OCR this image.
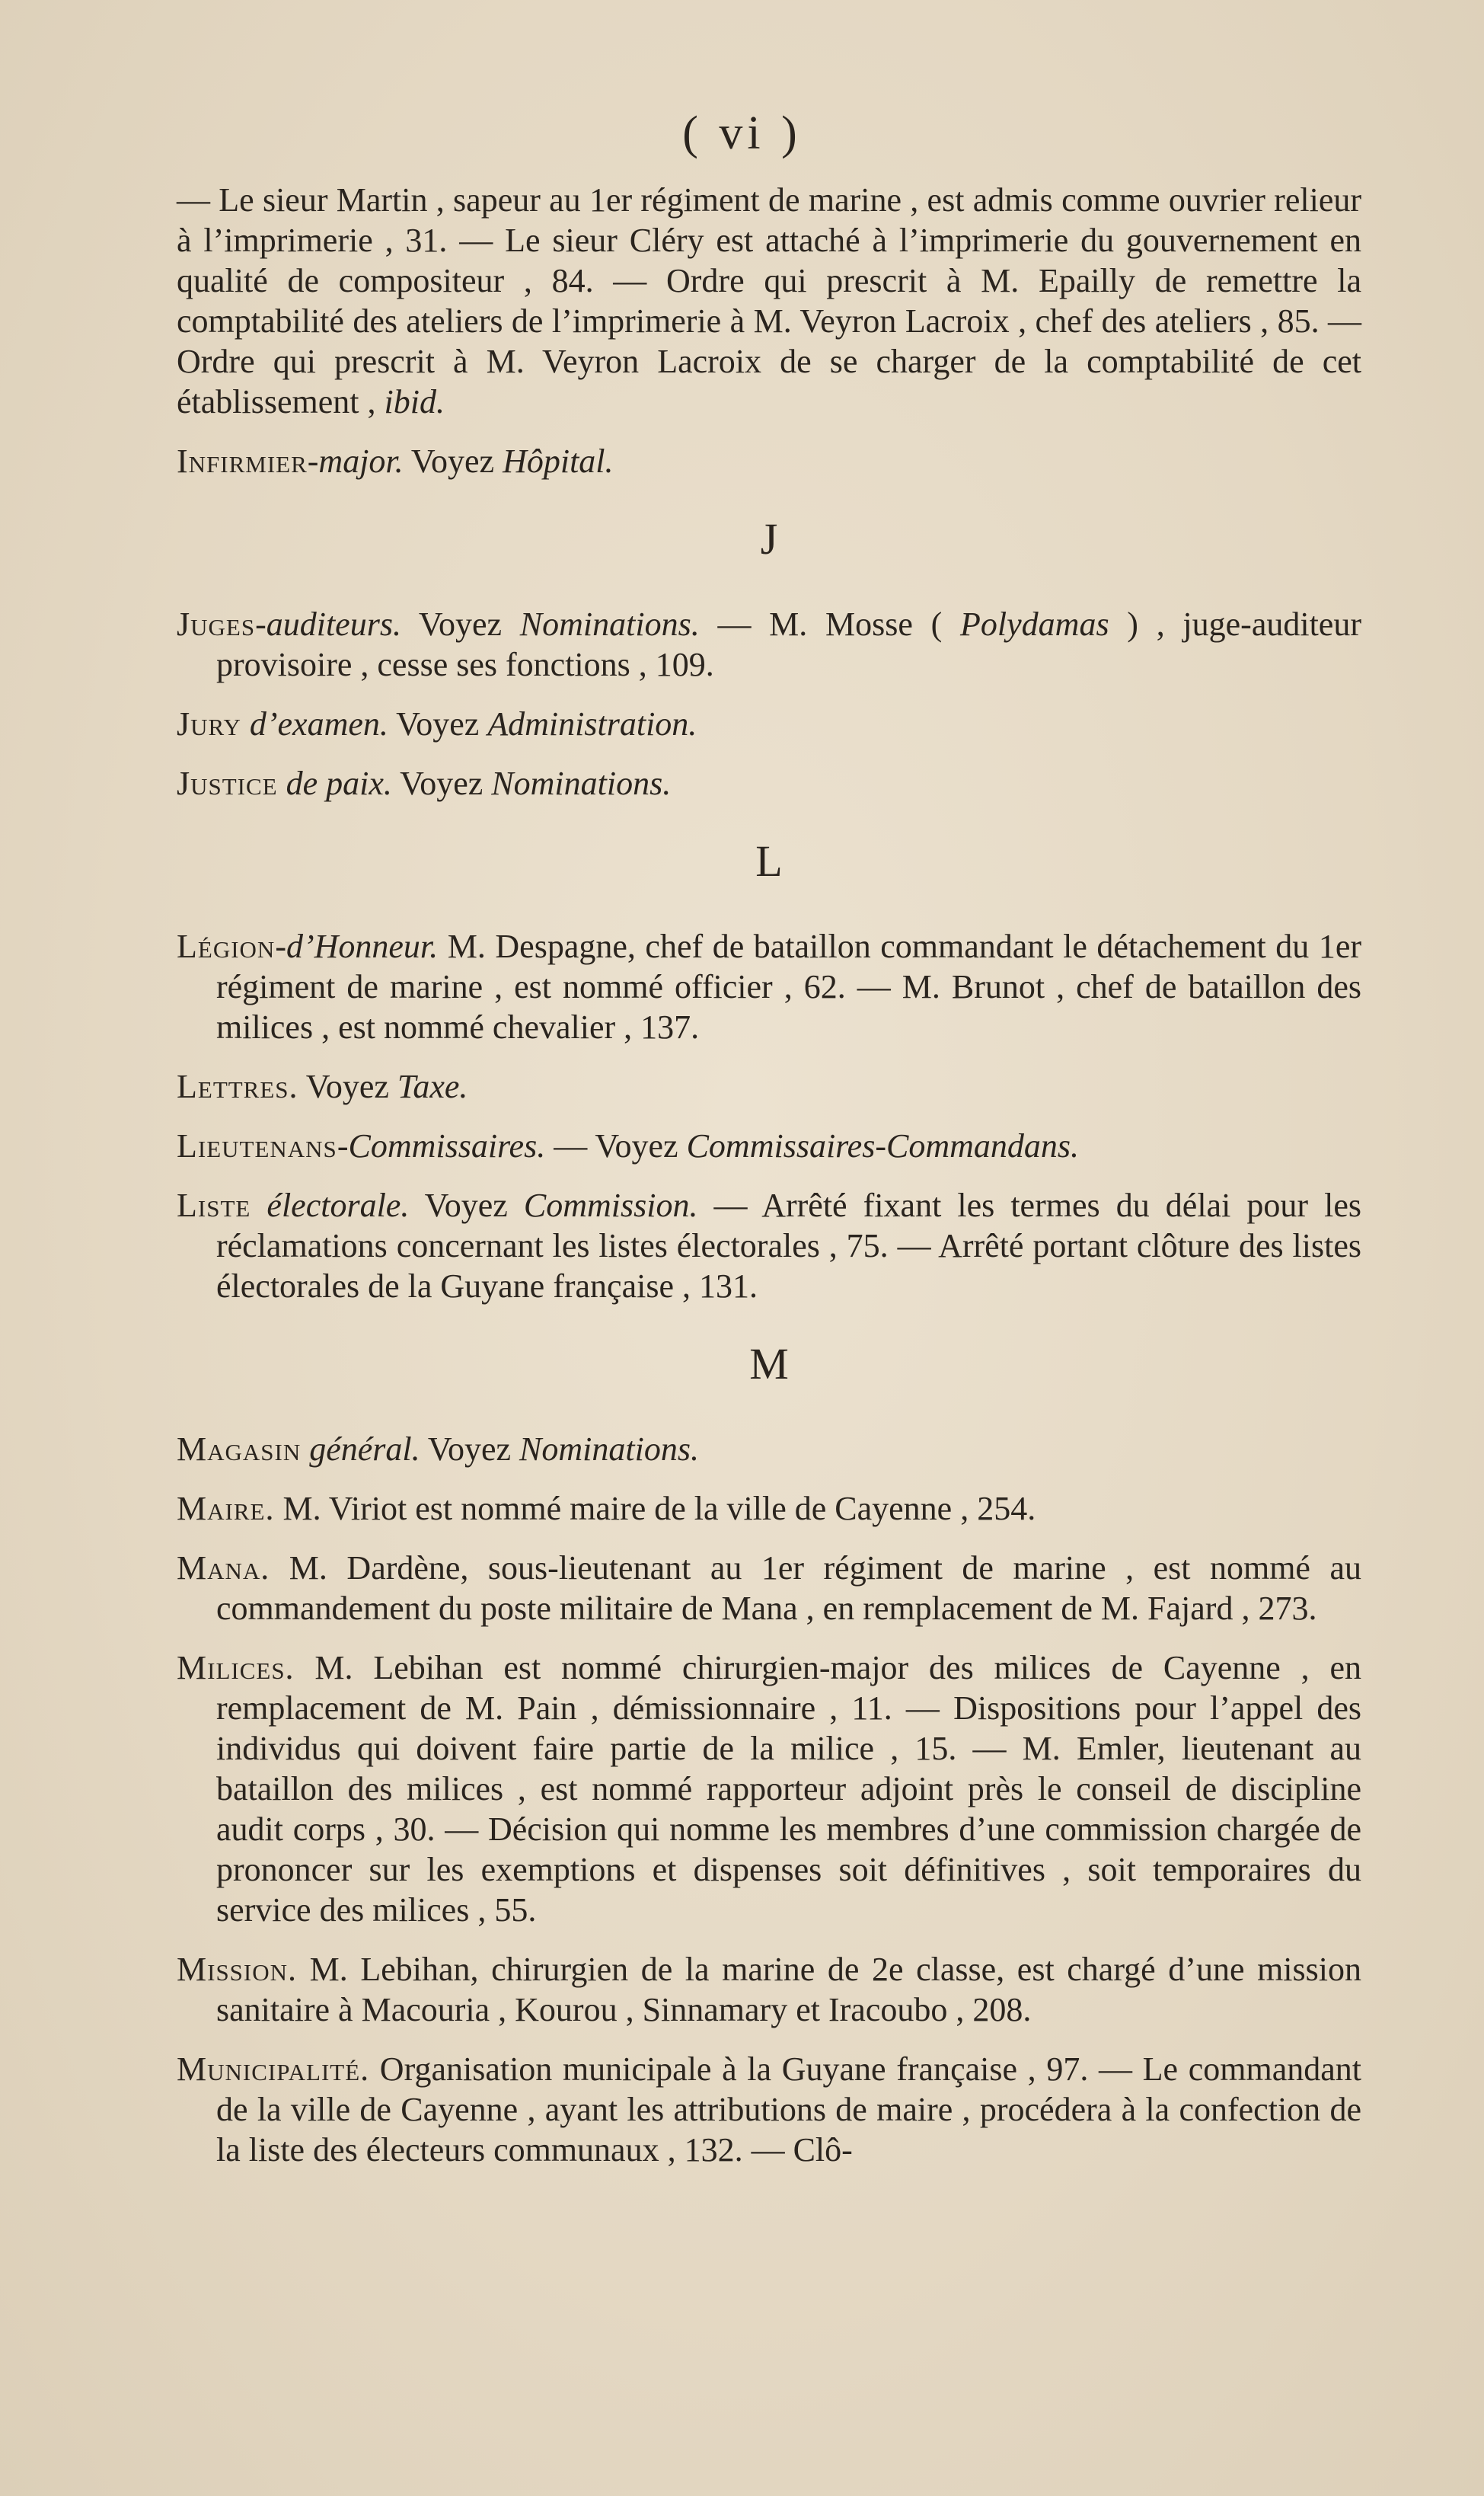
( vi )

— Le sieur Martin , sapeur au 1er régiment de marine , est admis comme ouvrier relieur à l’imprimerie , 31. — Le sieur Cléry est attaché à l’imprimerie du gouvernement en qualité de compositeur , 84. — Ordre qui prescrit à M. Epailly de remettre la comptabilité des ateliers de l’imprimerie à M. Veyron Lacroix , chef des ateliers , 85. — Ordre qui prescrit à M. Veyron Lacroix de se charger de la comptabilité de cet établissement , ibid.

Infirmier-major. Voyez Hôpital.

J

Juges-auditeurs. Voyez Nominations. — M. Mosse ( Polydamas ) , juge-auditeur provisoire , cesse ses fonctions , 109.

Jury d’examen. Voyez Administration.

Justice de paix. Voyez Nominations.

L

Légion-d’Honneur. M. Despagne, chef de bataillon commandant le détachement du 1er régiment de marine , est nommé officier , 62. — M. Brunot , chef de bataillon des milices , est nommé chevalier , 137.

Lettres. Voyez Taxe.

Lieutenans-Commissaires. — Voyez Commissaires-Commandans.

Liste électorale. Voyez Commission. — Arrêté fixant les termes du délai pour les réclamations concernant les listes électorales , 75. — Arrêté portant clôture des listes électorales de la Guyane française , 131.

M

Magasin général. Voyez Nominations.

Maire. M. Viriot est nommé maire de la ville de Cayenne , 254.

Mana. M. Dardène, sous-lieutenant au 1er régiment de marine , est nommé au commandement du poste militaire de Mana , en remplacement de M. Fajard , 273.

Milices. M. Lebihan est nommé chirurgien-major des milices de Cayenne , en remplacement de M. Pain , démissionnaire , 11. — Dispositions pour l’appel des individus qui doivent faire partie de la milice , 15. — M. Emler, lieutenant au bataillon des milices , est nommé rapporteur adjoint près le conseil de discipline audit corps , 30. — Décision qui nomme les membres d’une commission chargée de prononcer sur les exemptions et dispenses soit définitives , soit temporaires du service des milices , 55.

Mission. M. Lebihan, chirurgien de la marine de 2e classe, est chargé d’une mission sanitaire à Macouria , Kourou , Sinnamary et Iracoubo , 208.

Municipalité. Organisation municipale à la Guyane française , 97. — Le commandant de la ville de Cayenne , ayant les attributions de maire , procédera à la confection de la liste des électeurs communaux , 132. — Clô-
